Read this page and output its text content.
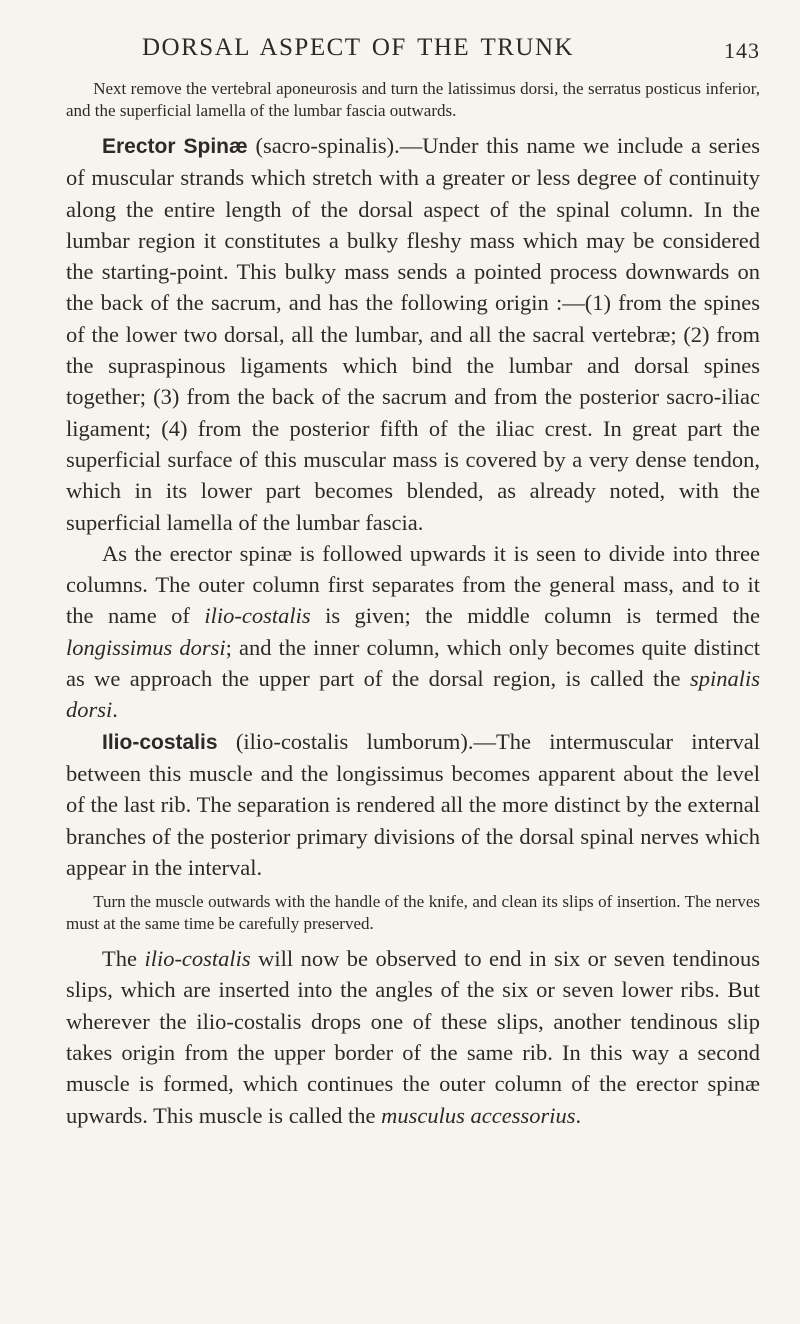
DORSAL ASPECT OF THE TRUNK	143

Next remove the vertebral aponeurosis and turn the latissimus dorsi, the serratus posticus inferior, and the superficial lamella of the lumbar fascia outwards.

Erector Spinæ (sacro-spinalis).—Under this name we include a series of muscular strands which stretch with a greater or less degree of continuity along the entire length of the dorsal aspect of the spinal column. In the lumbar region it constitutes a bulky fleshy mass which may be considered the starting-point. This bulky mass sends a pointed process downwards on the back of the sacrum, and has the following origin :—(1) from the spines of the lower two dorsal, all the lumbar, and all the sacral vertebræ; (2) from the supraspinous ligaments which bind the lumbar and dorsal spines together; (3) from the back of the sacrum and from the posterior sacro-iliac ligament; (4) from the posterior fifth of the iliac crest. In great part the superficial surface of this muscular mass is covered by a very dense tendon, which in its lower part becomes blended, as already noted, with the superficial lamella of the lumbar fascia.

As the erector spinæ is followed upwards it is seen to divide into three columns. The outer column first separates from the general mass, and to it the name of ilio-costalis is given; the middle column is termed the longissimus dorsi; and the inner column, which only becomes quite distinct as we approach the upper part of the dorsal region, is called the spinalis dorsi.

Ilio-costalis (ilio-costalis lumborum).—The intermuscular interval between this muscle and the longissimus becomes apparent about the level of the last rib. The separation is rendered all the more distinct by the external branches of the posterior primary divisions of the dorsal spinal nerves which appear in the interval.

Turn the muscle outwards with the handle of the knife, and clean its slips of insertion. The nerves must at the same time be carefully preserved.

The ilio-costalis will now be observed to end in six or seven tendinous slips, which are inserted into the angles of the six or seven lower ribs. But wherever the ilio-costalis drops one of these slips, another tendinous slip takes origin from the upper border of the same rib. In this way a second muscle is formed, which continues the outer column of the erector spinæ upwards. This muscle is called the musculus accessorius.
